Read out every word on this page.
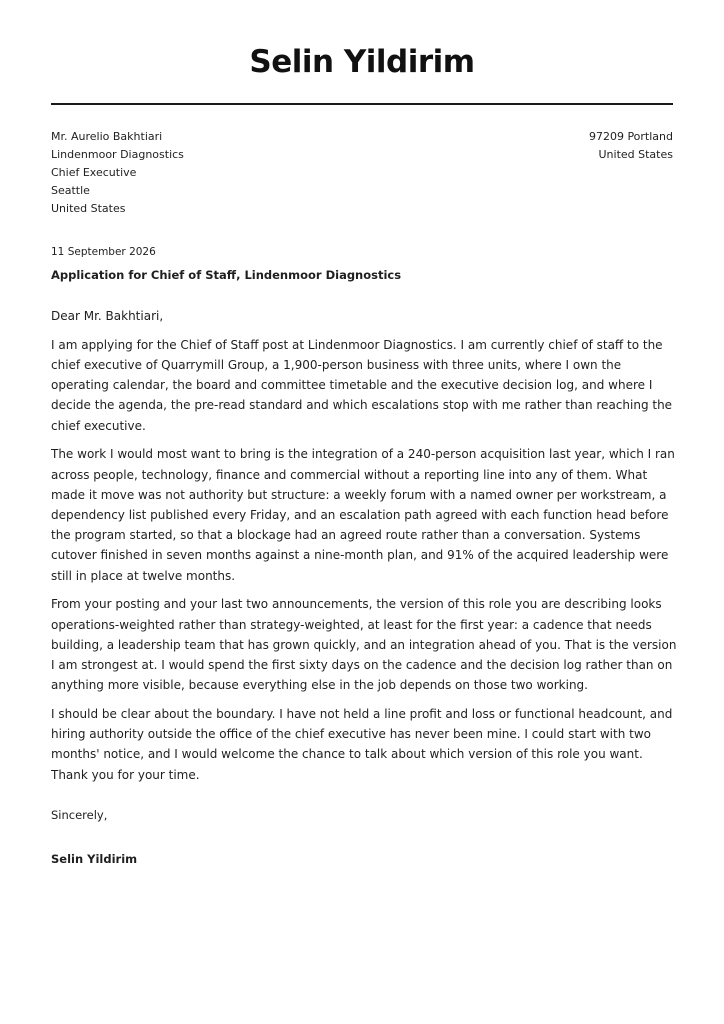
Selin Yildirim
Mr. Aurelio Bakhtiari
Lindenmoor Diagnostics
Chief Executive
Seattle
United States
97209 Portland
United States
11 September 2026
Application for Chief of Staff, Lindenmoor Diagnostics

Dear Mr. Bakhtiari,

I am applying for the Chief of Staff post at Lindenmoor Diagnostics. I am currently chief of staff to the chief executive of Quarrymill Group, a 1,900-person business with three units, where I own the operating calendar, the board and committee timetable and the executive decision log, and where I decide the agenda, the pre-read standard and which escalations stop with me rather than reaching the chief executive.

The work I would most want to bring is the integration of a 240-person acquisition last year, which I ran across people, technology, finance and commercial without a reporting line into any of them. What made it move was not authority but structure: a weekly forum with a named owner per workstream, a dependency list published every Friday, and an escalation path agreed with each function head before the program started, so that a blockage had an agreed route rather than a conversation. Systems cutover finished in seven months against a nine-month plan, and 91% of the acquired leadership were still in place at twelve months.

From your posting and your last two announcements, the version of this role you are describing looks operations-weighted rather than strategy-weighted, at least for the first year: a cadence that needs building, a leadership team that has grown quickly, and an integration ahead of you. That is the version I am strongest at. I would spend the first sixty days on the cadence and the decision log rather than on anything more visible, because everything else in the job depends on those two working.

I should be clear about the boundary. I have not held a line profit and loss or functional headcount, and hiring authority outside the office of the chief executive has never been mine. I could start with two months' notice, and I would welcome the chance to talk about which version of this role you want. Thank you for your time.

Sincerely,
Selin Yildirim
